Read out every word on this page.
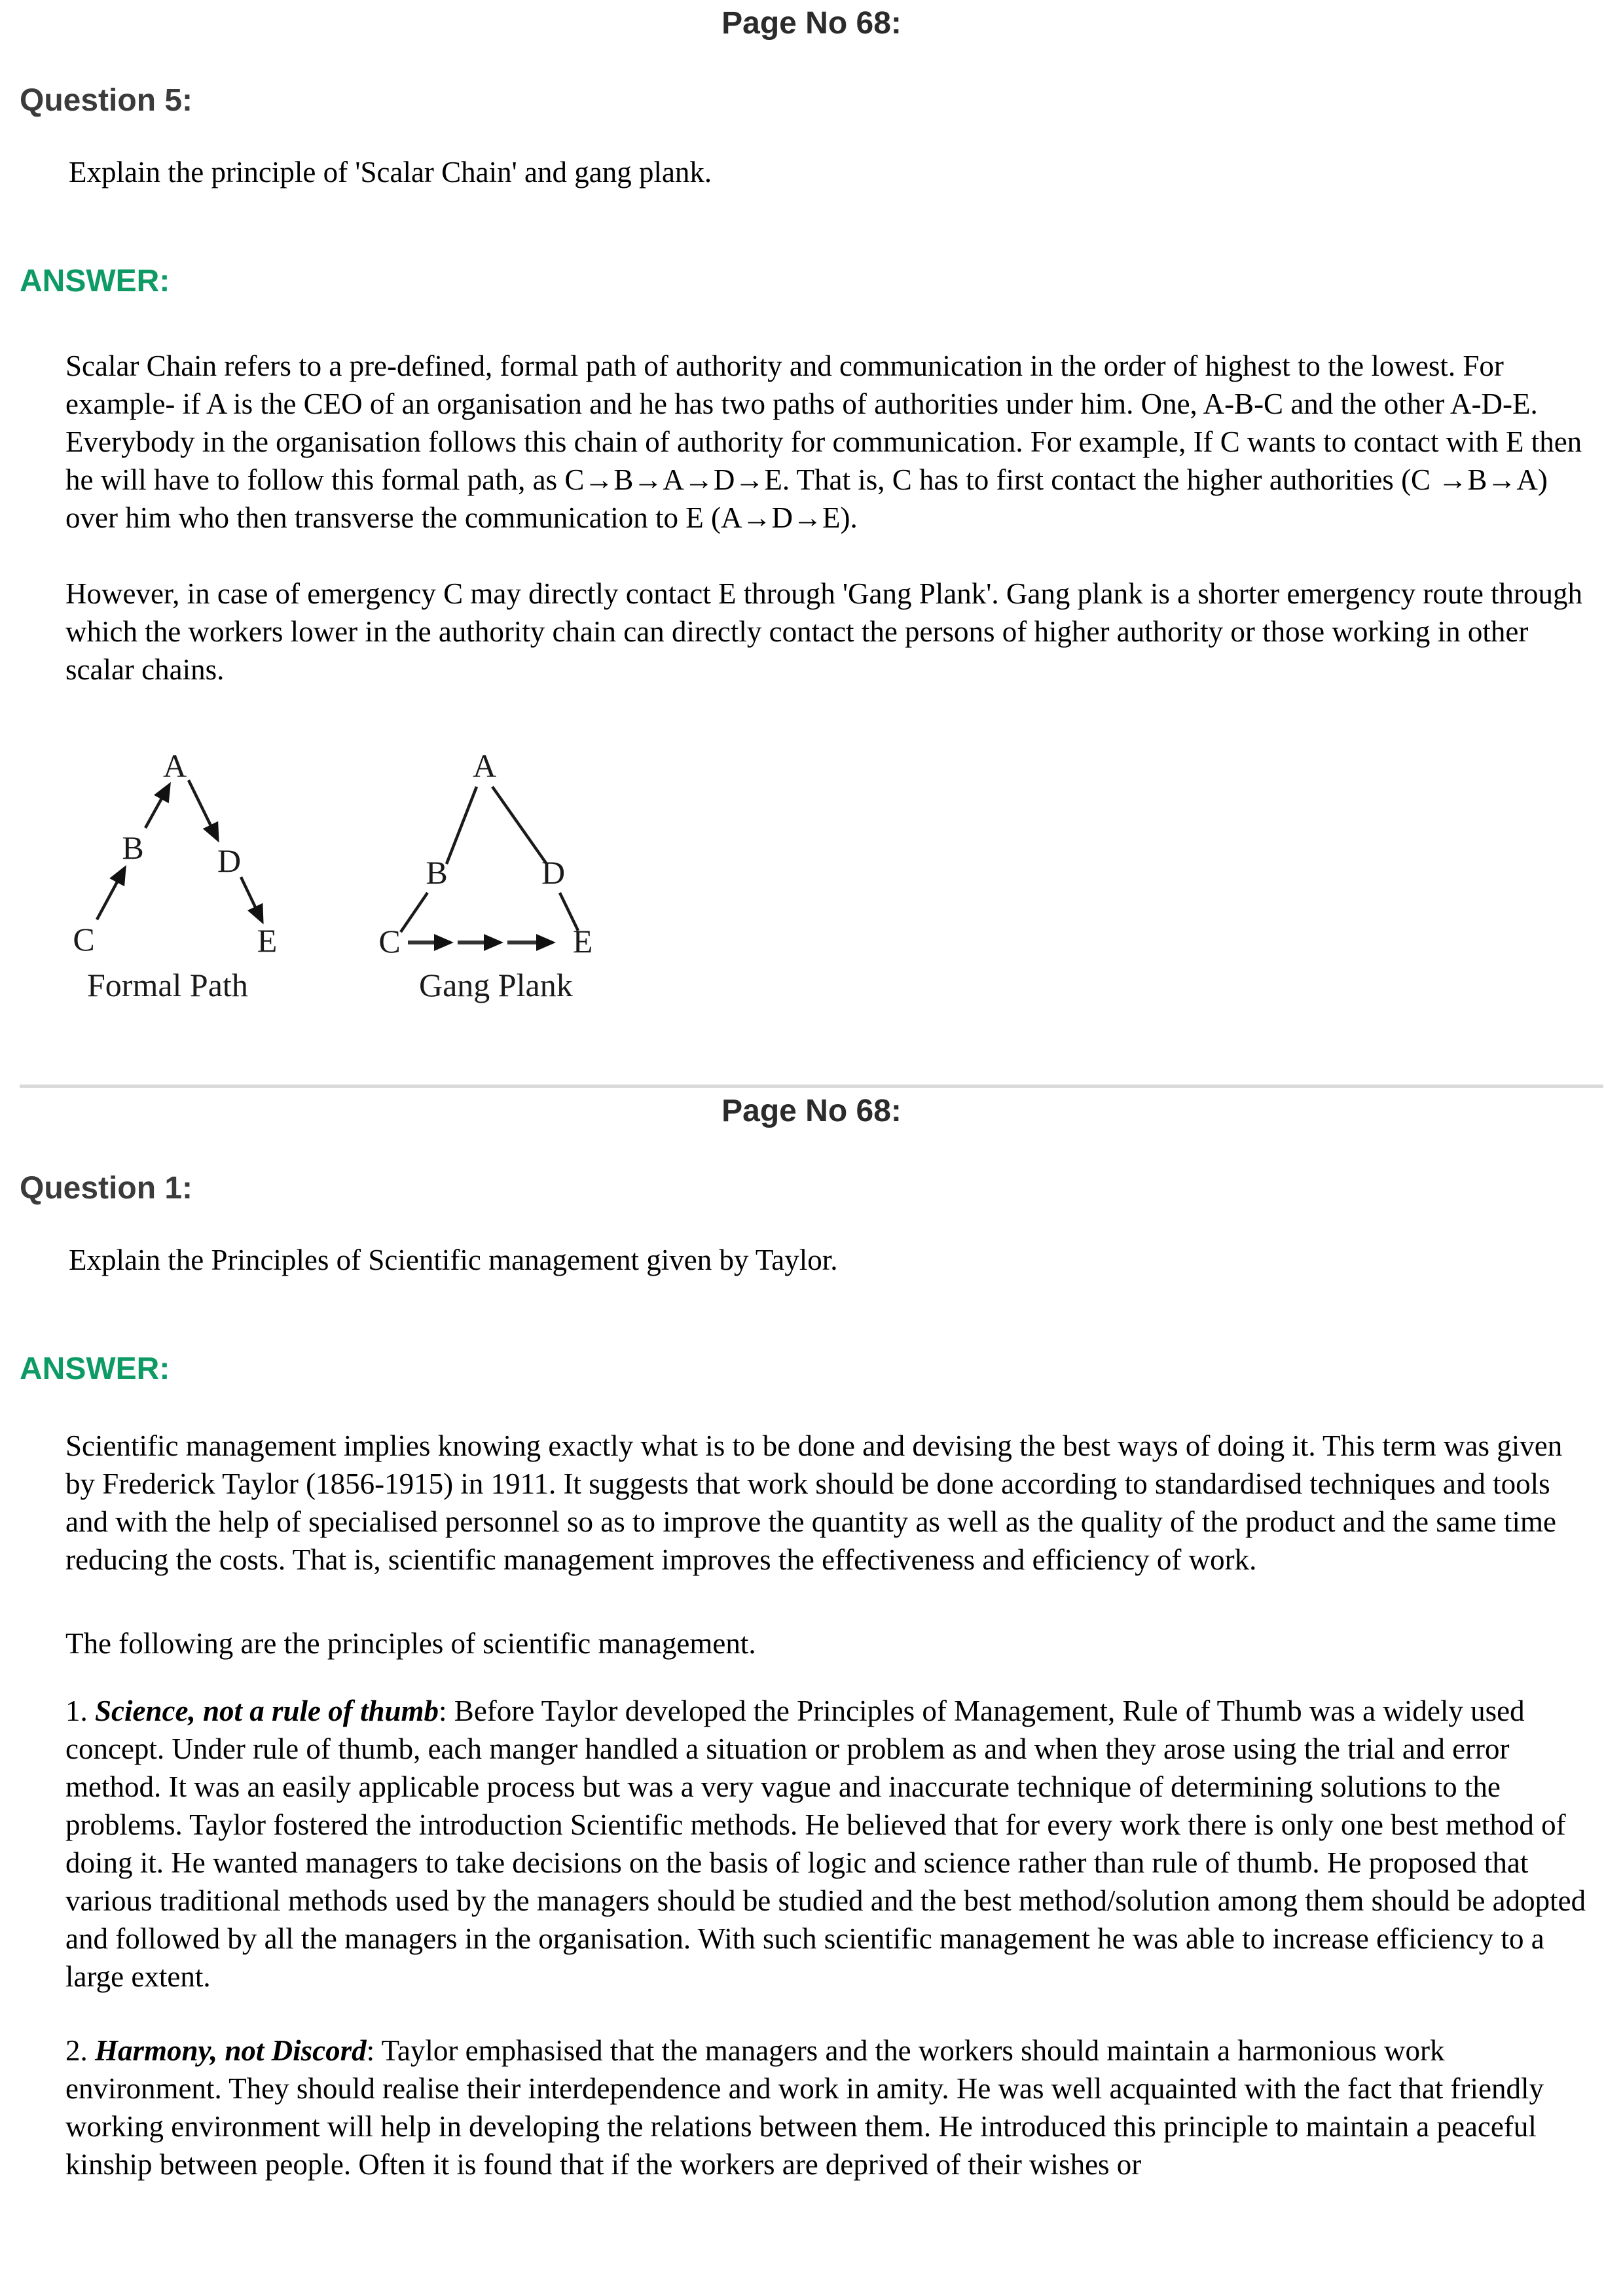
Page No 68:
Question 5:
Explain the principle of 'Scalar Chain' and gang plank.
ANSWER:
Scalar Chain refers to a pre-defined, formal path of authority and communication in the order of highest to the lowest. For example- if A is the CEO of an organisation and he has two paths of authorities under him. One, A-B-C and the other A-D-E. Everybody in the organisation follows this chain of authority for communication. For example, If C wants to contact with E then he will have to follow this formal path, as C→B→A→D→E. That is, C has to first contact the higher authorities (C →B→A) over him who then transverse the communication to E (A→D→E).
However, in case of emergency C may directly contact E through 'Gang Plank'. Gang plank is a shorter emergency route through which the workers lower in the authority chain can directly contact the persons of higher authority or those working in other scalar chains.
A
B
C
D
E
Formal Path
A
B
C
D
E
Gang Plank
Page No 68:
Question 1:
Explain the Principles of Scientific management given by Taylor.
ANSWER:
Scientific management implies knowing exactly what is to be done and devising the best ways of doing it. This term was given by Frederick Taylor (1856-1915) in 1911. It suggests that work should be done according to standardised techniques and tools and with the help of specialised personnel so as to improve the quantity as well as the quality of the product and the same time reducing the costs. That is, scientific management improves the effectiveness and efficiency of work.
The following are the principles of scientific management.
1. Science, not a rule of thumb: Before Taylor developed the Principles of Management, Rule of Thumb was a widely used concept. Under rule of thumb, each manger handled a situation or problem as and when they arose using the trial and error method. It was an easily applicable process but was a very vague and inaccurate technique of determining solutions to the problems. Taylor fostered the introduction Scientific methods. He believed that for every work there is only one best method of doing it. He wanted managers to take decisions on the basis of logic and science rather than rule of thumb. He proposed that various traditional methods used by the managers should be studied and the best method/solution among them should be adopted and followed by all the managers in the organisation. With such scientific management he was able to increase efficiency to a large extent.
2. Harmony, not Discord: Taylor emphasised that the managers and the workers should maintain a harmonious work environment. They should realise their interdependence and work in amity. He was well acquainted with the fact that friendly working environment will help in developing the relations between them. He introduced this principle to maintain a peaceful kinship between people. Often it is found that if the workers are deprived of their wishes or
